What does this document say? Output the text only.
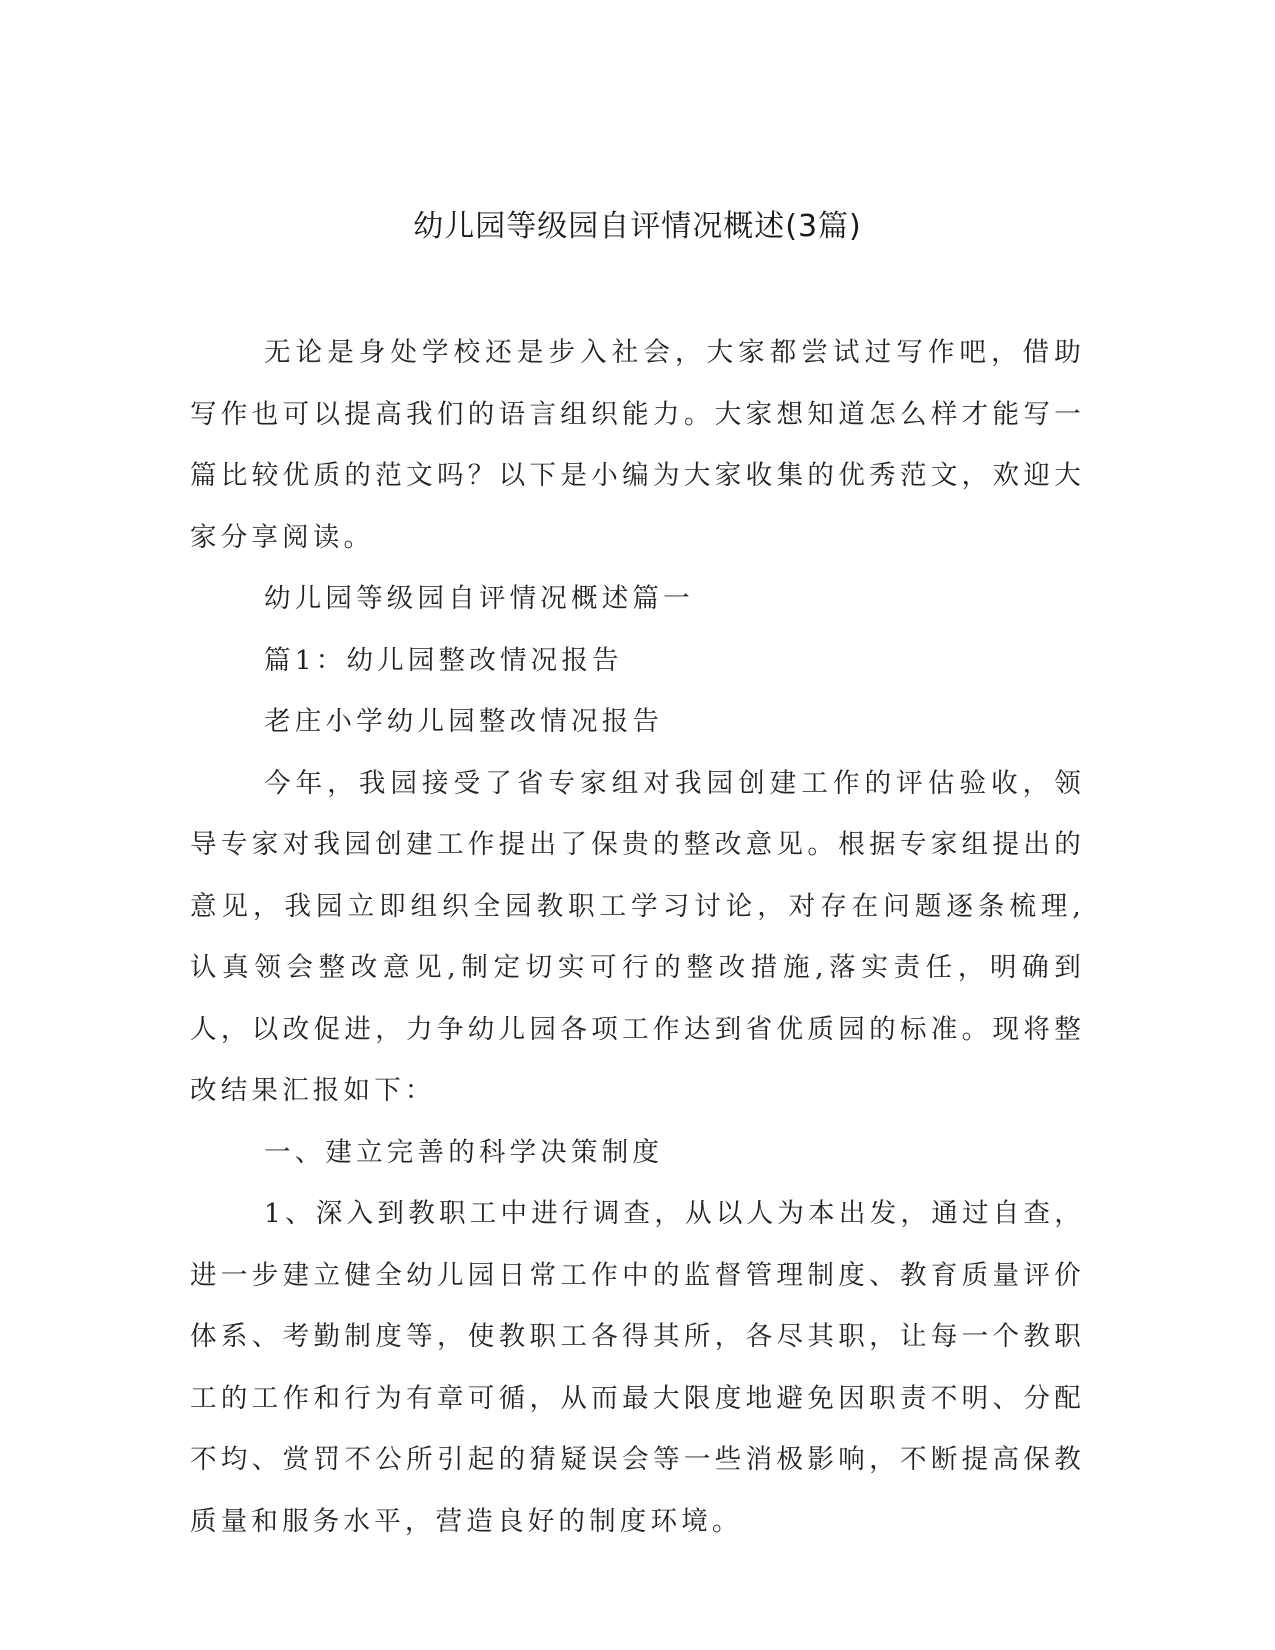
幼儿园等级园自评情况概述(3篇)

无论是身处学校还是步入社会，大家都尝试过写作吧，借助写作也可以提高我们的语言组织能力。大家想知道怎么样才能写一篇比较优质的范文吗？以下是小编为大家收集的优秀范文，欢迎大家分享阅读。

幼儿园等级园自评情况概述篇一

篇1：幼儿园整改情况报告

老庄小学幼儿园整改情况报告

今年，我园接受了省专家组对我园创建工作的评估验收，领导专家对我园创建工作提出了保贵的整改意见。根据专家组提出的意见，我园立即组织全园教职工学习讨论，对存在问题逐条梳理,认真领会整改意见,制定切实可行的整改措施,落实责任，明确到人，以改促进，力争幼儿园各项工作达到省优质园的标准。现将整改结果汇报如下：

一、建立完善的科学决策制度

1、深入到教职工中进行调查，从以人为本出发，通过自查，进一步建立健全幼儿园日常工作中的监督管理制度、教育质量评价体系、考勤制度等，使教职工各得其所，各尽其职，让每一个教职工的工作和行为有章可循，从而最大限度地避免因职责不明、分配不均、赏罚不公所引起的猜疑误会等一些消极影响，不断提高保教质量和服务水平，营造良好的制度环境。
